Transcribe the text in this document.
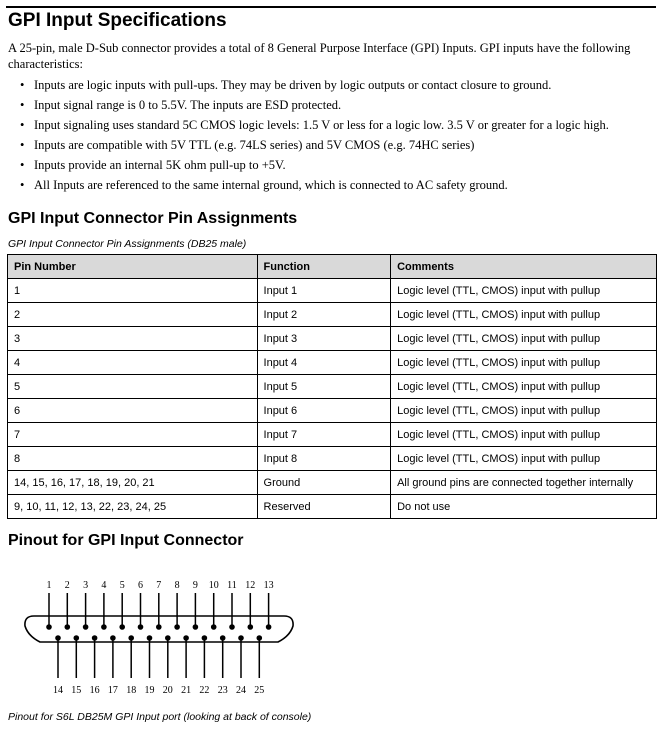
GPI Input Specifications

A 25-pin, male D-Sub connector provides a total of 8 General Purpose Interface (GPI) Inputs. GPI inputs have the following characteristics:

• Inputs are logic inputs with pull-ups. They may be driven by logic outputs or contact closure to ground.
• Input signal range is 0 to 5.5V. The inputs are ESD protected.
• Input signaling uses standard 5C CMOS logic levels: 1.5 V or less for a logic low. 3.5 V or greater for a logic high.
• Inputs are compatible with 5V TTL (e.g. 74LS series) and 5V CMOS (e.g. 74HC series)
• Inputs provide an internal 5K ohm pull-up to +5V.
• All Inputs are referenced to the same internal ground, which is connected to AC safety ground.
GPI Input Connector Pin Assignments

GPI Input Connector Pin Assignments (DB25 male)

Pin Number	Function	Comments
1	Input 1	Logic level (TTL, CMOS) input with pullup
2	Input 2	Logic level (TTL, CMOS) input with pullup
3	Input 3	Logic level (TTL, CMOS) input with pullup
4	Input 4	Logic level (TTL, CMOS) input with pullup
5	Input 5	Logic level (TTL, CMOS) input with pullup
6	Input 6	Logic level (TTL, CMOS) input with pullup
7	Input 7	Logic level (TTL, CMOS) input with pullup
8	Input 8	Logic level (TTL, CMOS) input with pullup
14, 15, 16, 17, 18, 19, 20, 21	Ground	All ground pins are connected together internally
9, 10, 11, 12, 13, 22, 23, 24, 25	Reserved	Do not use
Pinout for GPI Input Connector
1 2 3 4 5 6 7 8 9 10 11 12 13
14 15 16 17 18 19 20 21 22 23 24 25

Pinout for S6L DB25M GPI Input port (looking at back of console)
